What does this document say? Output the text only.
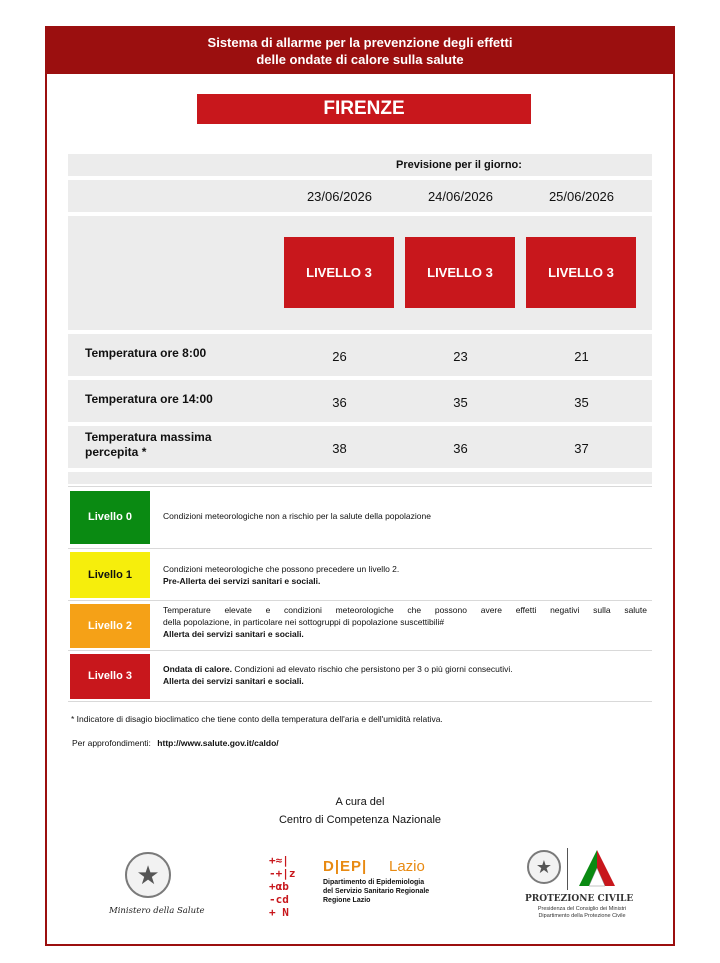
Sistema di allarme per la prevenzione degli effetti
delle ondate di calore sulla salute
FIRENZE
Previsione per il giorno:
23/06/2026	24/06/2026	25/06/2026
LIVELLO 3	LIVELLO 3	LIVELLO 3
Temperatura ore 8:00	26	23	21
Temperatura ore 14:00	36	35	35
Temperatura massima
percepita *	38	36	37
Livello 0	Condizioni meteorologiche non a rischio per la salute della popolazione
Livello 1	Condizioni meteorologiche che possono precedere un livello 2.
Pre-Allerta dei servizi sanitari e sociali.
Livello 2
Temperature elevate e condizioni meteorologiche che possono avere effetti negativi sulla salute
della popolazione, in particolare nei sottogruppi di popolazione suscettibili#
Allerta dei servizi sanitari e sociali.
Livello 3
Ondata di calore. Condizioni ad elevato rischio che persistono per 3 o più giorni consecutivi.
Allerta dei servizi sanitari e sociali.
* Indicatore di disagio bioclimatico che tiene conto della temperatura dell'aria e dell'umidità relativa.
Per approfondimenti: http://www.salute.gov.it/caldo/
A cura del
Centro di Competenza Nazionale
★
Ministero della Salute
+≈|
-+|z
+αb
-cd
+ N
D|EP| Lazio
Dipartimento di Epidemiologia
del Servizio Sanitario Regionale
Regione Lazio
★
PROTEZIONE CIVILE
Presidenza del Consiglio dei Ministri
Dipartimento della Protezione Civile
